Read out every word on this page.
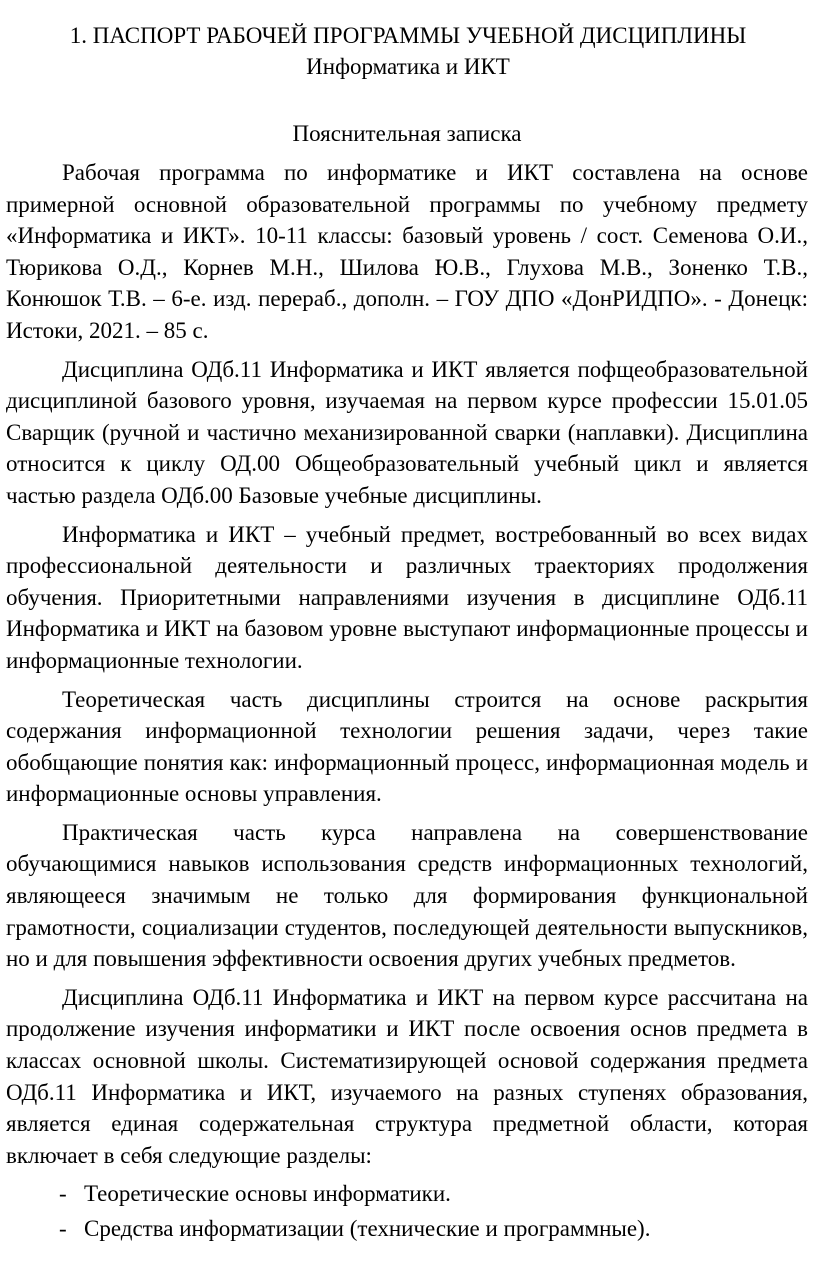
1. ПАСПОРТ РАБОЧЕЙ ПРОГРАММЫ УЧЕБНОЙ ДИСЦИПЛИНЫ

Информатика и ИКТ

Пояснительная записка

Рабочая программа по информатике и ИКТ составлена на основе примерной основной образовательной программы по учебному предмету «Информатика и ИКТ». 10-11 классы: базовый уровень / сост. Семенова О.И., Тюрикова О.Д., Корнев М.Н., Шилова Ю.В., Глухова М.В., Зоненко Т.В., Конюшок Т.В. – 6-е. изд. перераб., дополн. – ГОУ ДПО «ДонРИДПО». - Донецк: Истоки, 2021. – 85 с.

Дисциплина ОДб.11 Информатика и ИКТ является пофщеобразовательной дисциплиной базового уровня, изучаемая на первом курсе профессии 15.01.05 Сварщик (ручной и частично механизированной сварки (наплавки). Дисциплина относится к циклу ОД.00 Общеобразовательный учебный цикл и является частью раздела ОДб.00 Базовые учебные дисциплины.

Информатика и ИКТ – учебный предмет, востребованный во всех видах профессиональной деятельности и различных траекториях продолжения обучения. Приоритетными направлениями изучения в дисциплине ОДб.11 Информатика и ИКТ на базовом уровне выступают информационные процессы и информационные технологии.

Теоретическая часть дисциплины строится на основе раскрытия содержания информационной технологии решения задачи, через такие обобщающие понятия как: информационный процесс, информационная модель и информационные основы управления.

Практическая часть курса направлена на совершенствование обучающимися навыков использования средств информационных технологий, являющееся значимым не только для формирования функциональной грамотности, социализации студентов, последующей деятельности выпускников, но и для повышения эффективности освоения других учебных предметов.

Дисциплина ОДб.11 Информатика и ИКТ на первом курсе рассчитана на продолжение изучения информатики и ИКТ после освоения основ предмета в классах основной школы. Систематизирующей основой содержания предмета ОДб.11 Информатика и ИКТ, изучаемого на разных ступенях образования, является единая содержательная структура предметной области, которая включает в себя следующие разделы:

- Теоретические основы информатики.
- Средства информатизации (технические и программные).
